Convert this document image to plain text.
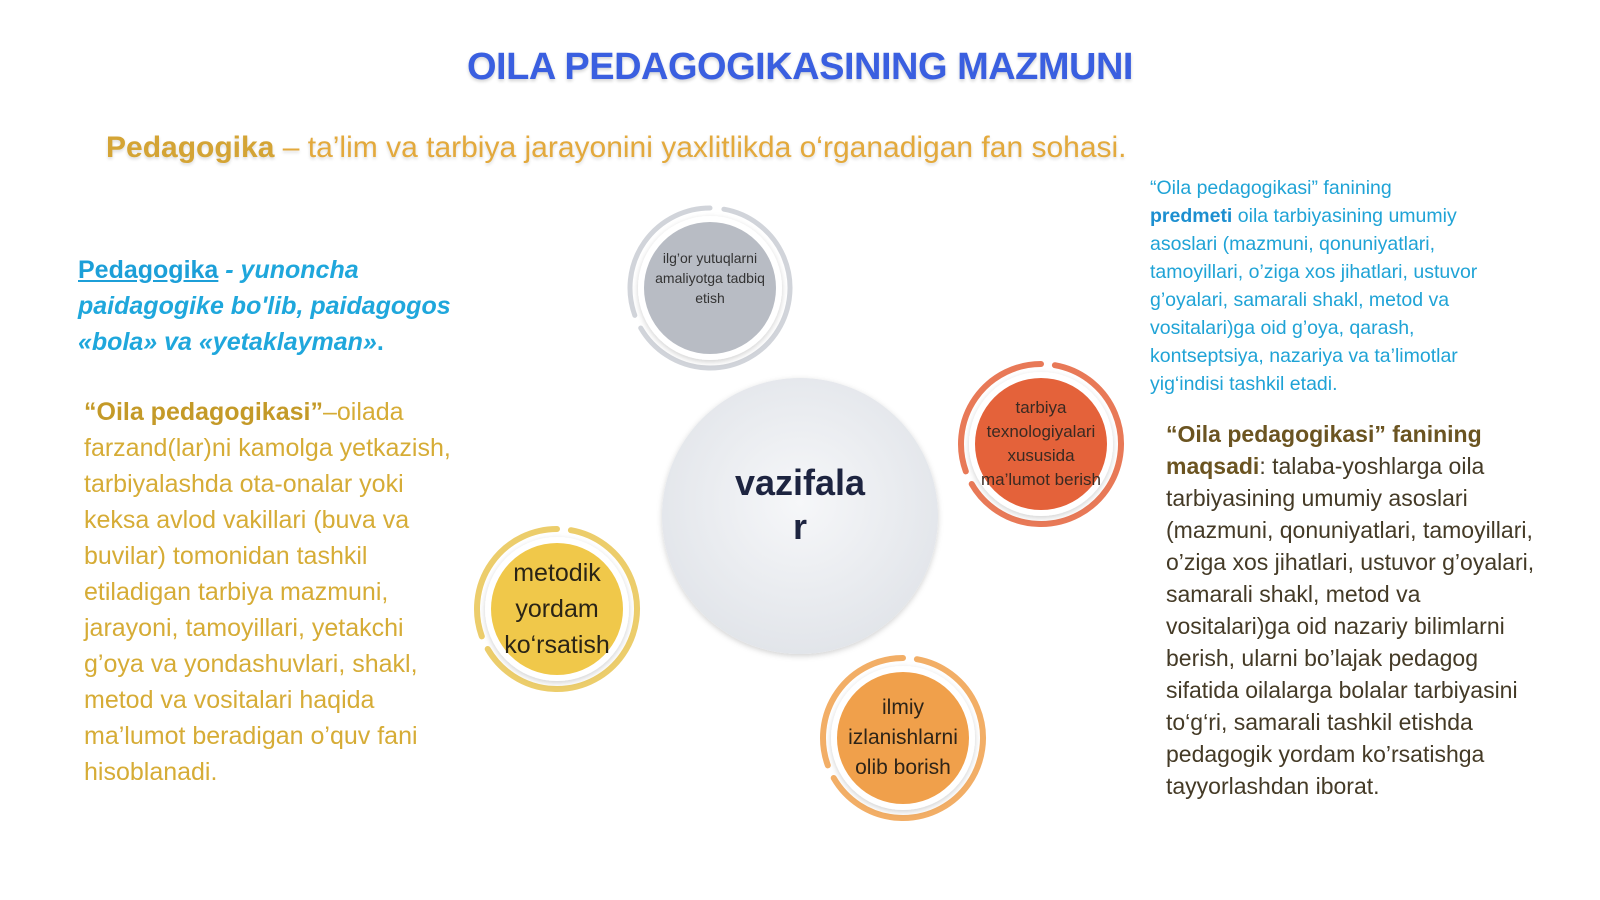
OILA PEDAGOGIKASINING MAZMUNI
Pedagogika – ta’lim va tarbiya jarayonini yaxlitlikda o‘rganadigan fan sohasi.
Pedagogika - yunoncha paidagogike bo'lib, paidagogos «bola» va «yetaklayman».
“Oila pedagogikasi”–oilada farzand(lar)ni kamolga yetkazish, tarbiyalashda ota-onalar yoki keksa avlod vakillari (buva va buvilar) tomonidan tashkil etiladigan tarbiya mazmuni, jarayoni, tamoyillari, yetakchi g’oya va yondashuvlari, shakl, metod va vositalari haqida ma’lumot beradigan o’quv fani hisoblanadi.
“Oila pedagogikasi” fanining
predmeti oila tarbiyasining umumiy asoslari (mazmuni, qonuniyatlari, tamoyillari, o’ziga xos jihatlari, ustuvor g’oyalari, samarali shakl, metod va vositalari)ga oid g’oya, qarash, kontseptsiya, nazariya va ta’limotlar yig‘indisi tashkil etadi.
“Oila pedagogikasi” fanining maqsadi: talaba-yoshlarga oila tarbiyasining umumiy asoslari (mazmuni, qonuniyatlari, tamoyillari, o’ziga xos jihatlari, ustuvor g’oyalari, samarali shakl, metod va vositalari)ga oid nazariy bilimlarni berish, ularni bo’lajak pedagog sifatida oilalarga bolalar tarbiyasini to‘g‘ri, samarali tashkil etishda pedagogik yordam ko’rsatishga tayyorlashdan iborat.
vazifala
r
ilg’or yutuqlarni amaliyotga tadbiq etish
tarbiya texnologiyalari xususida ma’lumot berish
ilmiy izlanishlarni olib borish
metodik yordam ko‘rsatish
